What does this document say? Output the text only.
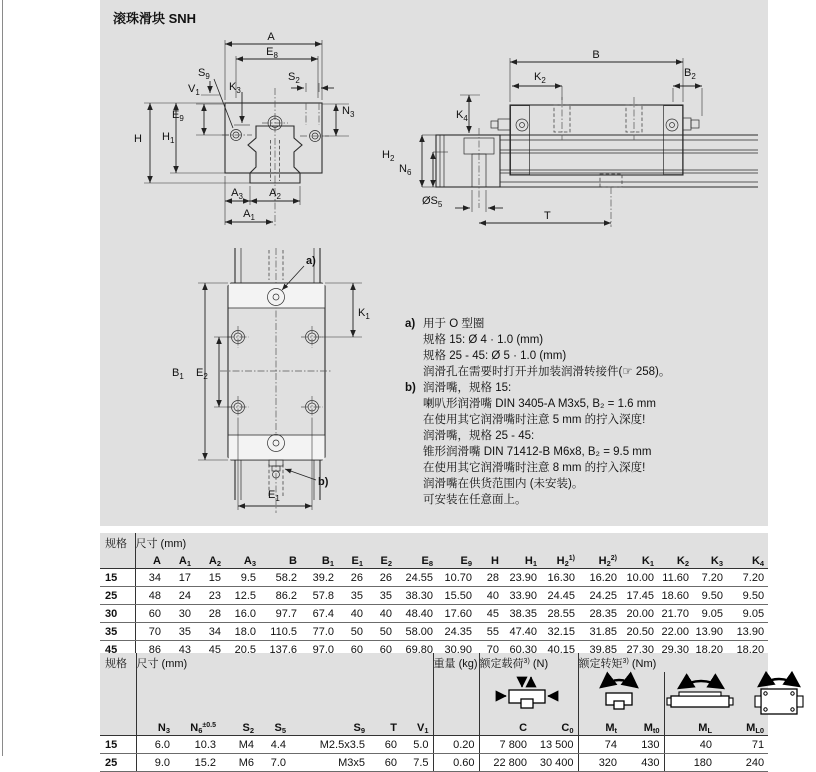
滚珠滑块 SNH
A
$E_8$
$S_9$	$S_2$
$V_1$	$K_3$
$N_3$
$E_9$
H $H_1$
$A_3$ $A_2$
$A_1$
B
$K_2$
$B_2$
$K_4$
$H_2$
$N_6$
$ØS_5$
T
a)
$K_1$
$B_1$ $E_2$
$E_1$
b)
a) 用于 O 型圈
规格 15: Ø 4 · 1.0 (mm)
规格 25 - 45: Ø 5 · 1.0 (mm)
润滑孔在需要时打开并加装润滑转接件(☞ 258)。
b) 润滑嘴，规格 15:
喇叭形润滑嘴 DIN 3405-A M3x5, B₂ = 1.6 mm
在使用其它润滑嘴时注意 5 mm 的拧入深度!
润滑嘴，规格 25 - 45:
锥形润滑嘴 DIN 71412-B M6x8, B₂ = 9.5 mm
在使用其它润滑嘴时注意 8 mm 的拧入深度!
润滑嘴在供货范围内 (未安装)。
可安装在任意面上。
规格	尺寸 (mm)																	
	A	$A_1$	$A_2$	$A_3$	B	$B_1$	$E_1$	$E_2$	$E_8$	$E_9$	H	$H_1$	$H_2^{1)}$	$H_2^{2)}$	$K_1$	$K_2$	$K_3$	$K_4$
15	34	17	15	9.5	58.2	39.2	26	26	24.55	10.70	28	23.90	16.30	16.20	10.00	11.60	7.20	7.20
25	48	24	23	12.5	86.2	57.8	35	35	38.30	15.50	40	33.90	24.45	24.25	17.45	18.60	9.50	9.50
30	60	30	28	16.0	97.7	67.4	40	40	48.40	17.60	45	38.35	28.55	28.35	20.00	21.70	9.05	9.05
35	70	35	34	18.0	110.5	77.0	50	50	58.00	24.35	55	47.40	32.15	31.85	20.50	22.00	13.90	13.90
45	86	43	45	20.5	137.6	97.0	60	60	69.80	30.90	70	60.30	40.15	39.85	27.30	29.30	18.20	18.20
规格	尺寸 (mm)							重量 (kg)	额定载荷$^{3)}$ (N)		额定转矩$^{3)}$ (Nm)			

	$N_3$	$N_6^{\pm 0.5}$	$S_2$	$S_5$	$S_9$	T	$V_1$		C	$C_0$	$M_t$	$M_{t0}$	$M_L$	$M_{L0}$
15	6.0	10.3	M4	4.4	M2.5x3.5	60	5.0	0.20	7 800	13 500	74	130	40	71
25	9.0	15.2	M6	7.0	M3x5	60	7.5	0.60	22 800	30 400	320	430	180	240
